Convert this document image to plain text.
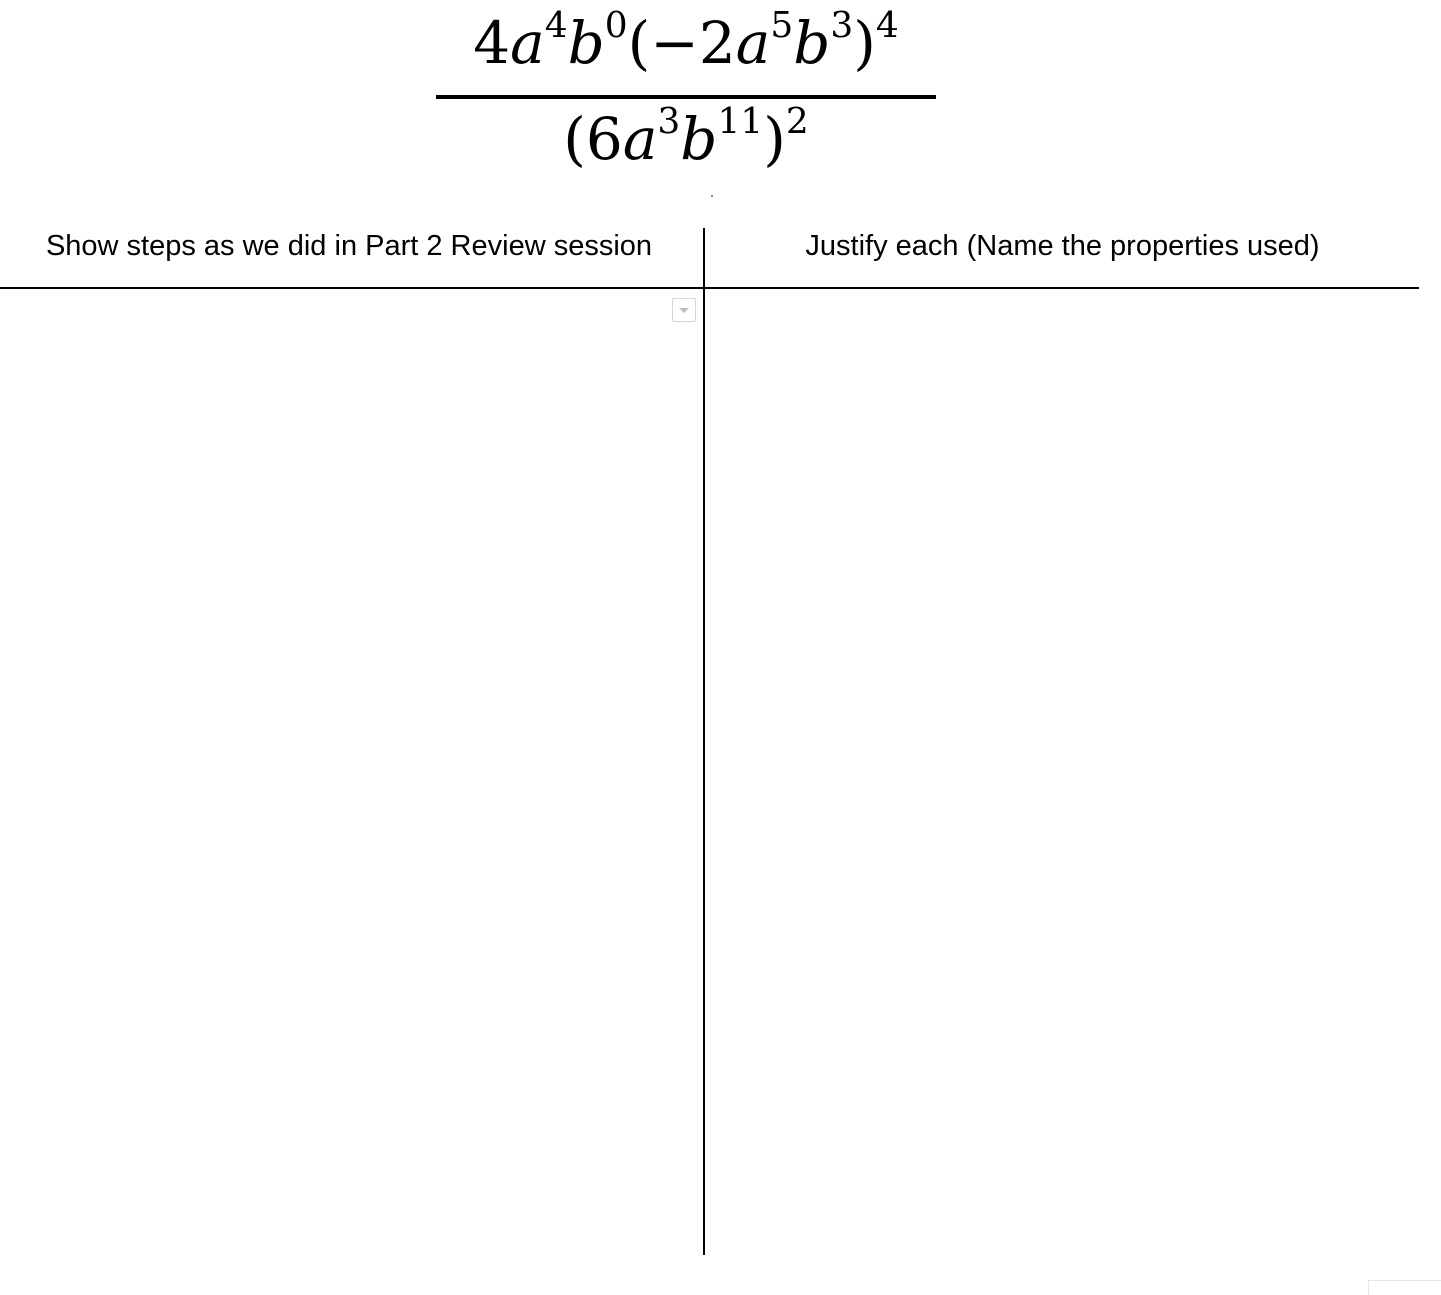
$4a^4b^0(-2a^5b^3)^4$
$(6a^3b^{11})^2$
Show steps as we did in Part 2 Review session	Justify each (Name the properties used)
